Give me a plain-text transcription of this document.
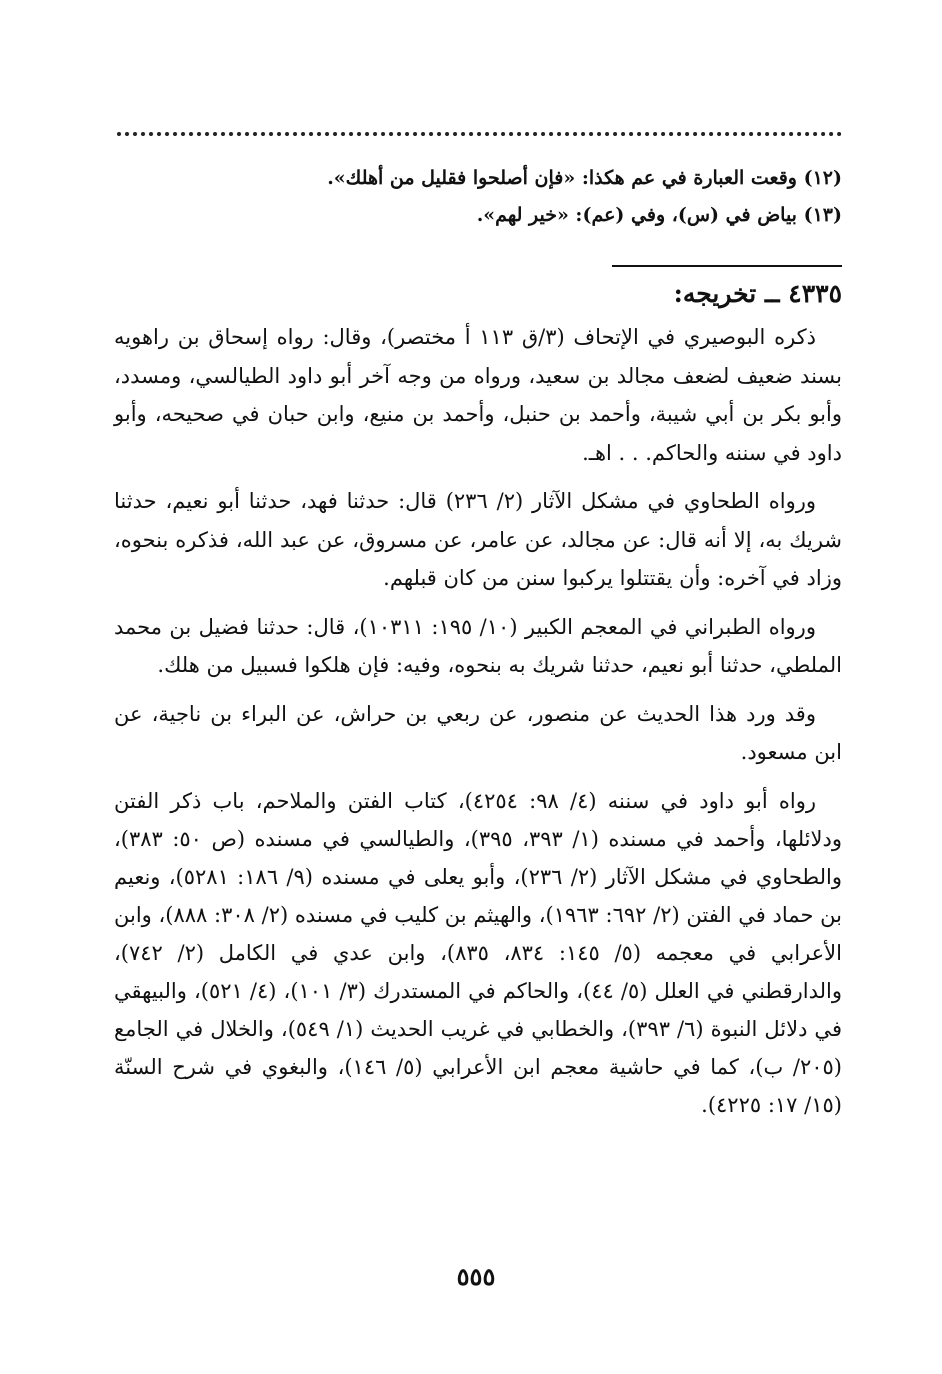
(١٢) وقعت العبارة في عم هكذا: «فإن أصلحوا فقليل من أهلك».

(١٣) بياض في (س)، وفي (عم): «خير لهم».

٤٣٣٥ ــ تخريجه:

ذكره البوصيري في الإتحاف (٣/ق ١١٣ أ مختصر)، وقال: رواه إسحاق بن راهويه بسند ضعيف لضعف مجالد بن سعيد، ورواه من وجه آخر أبو داود الطيالسي، ومسدد، وأبو بكر بن أبي شيبة، وأحمد بن حنبل، وأحمد بن منيع، وابن حبان في صحيحه، وأبو داود في سننه والحاكم. . . اهـ.

ورواه الطحاوي في مشكل الآثار (٢/ ٢٣٦) قال: حدثنا فهد، حدثنا أبو نعيم، حدثنا شريك به، إلا أنه قال: عن مجالد، عن عامر، عن مسروق، عن عبد الله، فذكره بنحوه، وزاد في آخره: وأن يقتتلوا يركبوا سنن من كان قبلهم.

ورواه الطبراني في المعجم الكبير (١٠/ ١٩٥: ١٠٣١١)، قال: حدثنا فضيل بن محمد الملطي، حدثنا أبو نعيم، حدثنا شريك به بنحوه، وفيه: فإن هلكوا فسبيل من هلك.

وقد ورد هذا الحديث عن منصور، عن ربعي بن حراش، عن البراء بن ناجية، عن ابن مسعود.

رواه أبو داود في سننه (٤/ ٩٨: ٤٢٥٤)، كتاب الفتن والملاحم، باب ذكر الفتن ودلائلها، وأحمد في مسنده (١/ ٣٩٣، ٣٩٥)، والطيالسي في مسنده (ص ٥٠: ٣٨٣)، والطحاوي في مشكل الآثار (٢/ ٢٣٦)، وأبو يعلى في مسنده (٩/ ١٨٦: ٥٢٨١)، ونعيم بن حماد في الفتن (٢/ ٦٩٢: ١٩٦٣)، والهيثم بن كليب في مسنده (٢/ ٣٠٨: ٨٨٨)، وابن الأعرابي في معجمه (٥/ ١٤٥: ٨٣٤، ٨٣٥)، وابن عدي في الكامل (٢/ ٧٤٢)، والدارقطني في العلل (٥/ ٤٤)، والحاكم في المستدرك (٣/ ١٠١)، (٤/ ٥٢١)، والبيهقي في دلائل النبوة (٦/ ٣٩٣)، والخطابي في غريب الحديث (١/ ٥٤٩)، والخلال في الجامع (٢٠٥/ ب)، كما في حاشية معجم ابن الأعرابي (٥/ ١٤٦)، والبغوي في شرح السنّة (١٥/ ١٧: ٤٢٢٥).

٥٥٥
